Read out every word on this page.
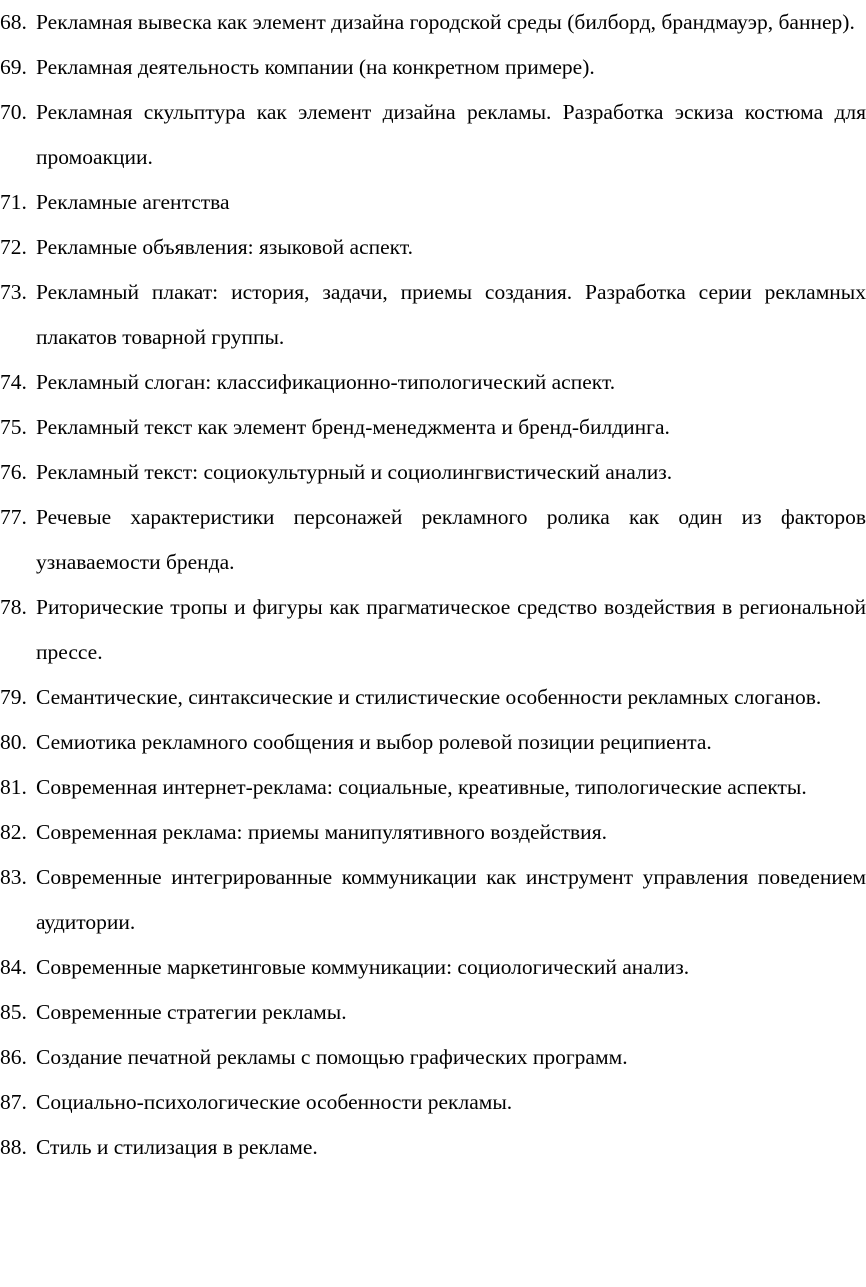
68. Рекламная вывеска как элемент дизайна городской среды (билборд, брандмауэр, баннер).
69. Рекламная деятельность компании (на конкретном примере).
70. Рекламная скульптура как элемент дизайна рекламы. Разработка эскиза костюма для промоакции.
71. Рекламные агентства
72. Рекламные объявления: языковой аспект.
73. Рекламный плакат: история, задачи, приемы создания. Разработка серии рекламных плакатов товарной группы.
74. Рекламный слоган: классификационно-типологический аспект.
75. Рекламный текст как элемент бренд-менеджмента и бренд-билдинга.
76. Рекламный текст: социокультурный и социолингвистический анализ.
77. Речевые характеристики персонажей рекламного ролика как один из факторов узнаваемости бренда.
78. Риторические тропы и фигуры как прагматическое средство воздействия в региональной прессе.
79. Семантические, синтаксические и стилистические особенности рекламных слоганов.
80. Семиотика рекламного сообщения и выбор ролевой позиции реципиента.
81. Современная интернет-реклама: социальные, креативные, типологические аспекты.
82. Современная реклама: приемы манипулятивного воздействия.
83. Современные интегрированные коммуникации как инструмент управления поведением аудитории.
84. Современные маркетинговые коммуникации: социологический анализ.
85. Современные стратегии рекламы.
86. Создание печатной рекламы с помощью графических программ.
87. Социально-психологические особенности рекламы.
88. Стиль и стилизация в рекламе.
